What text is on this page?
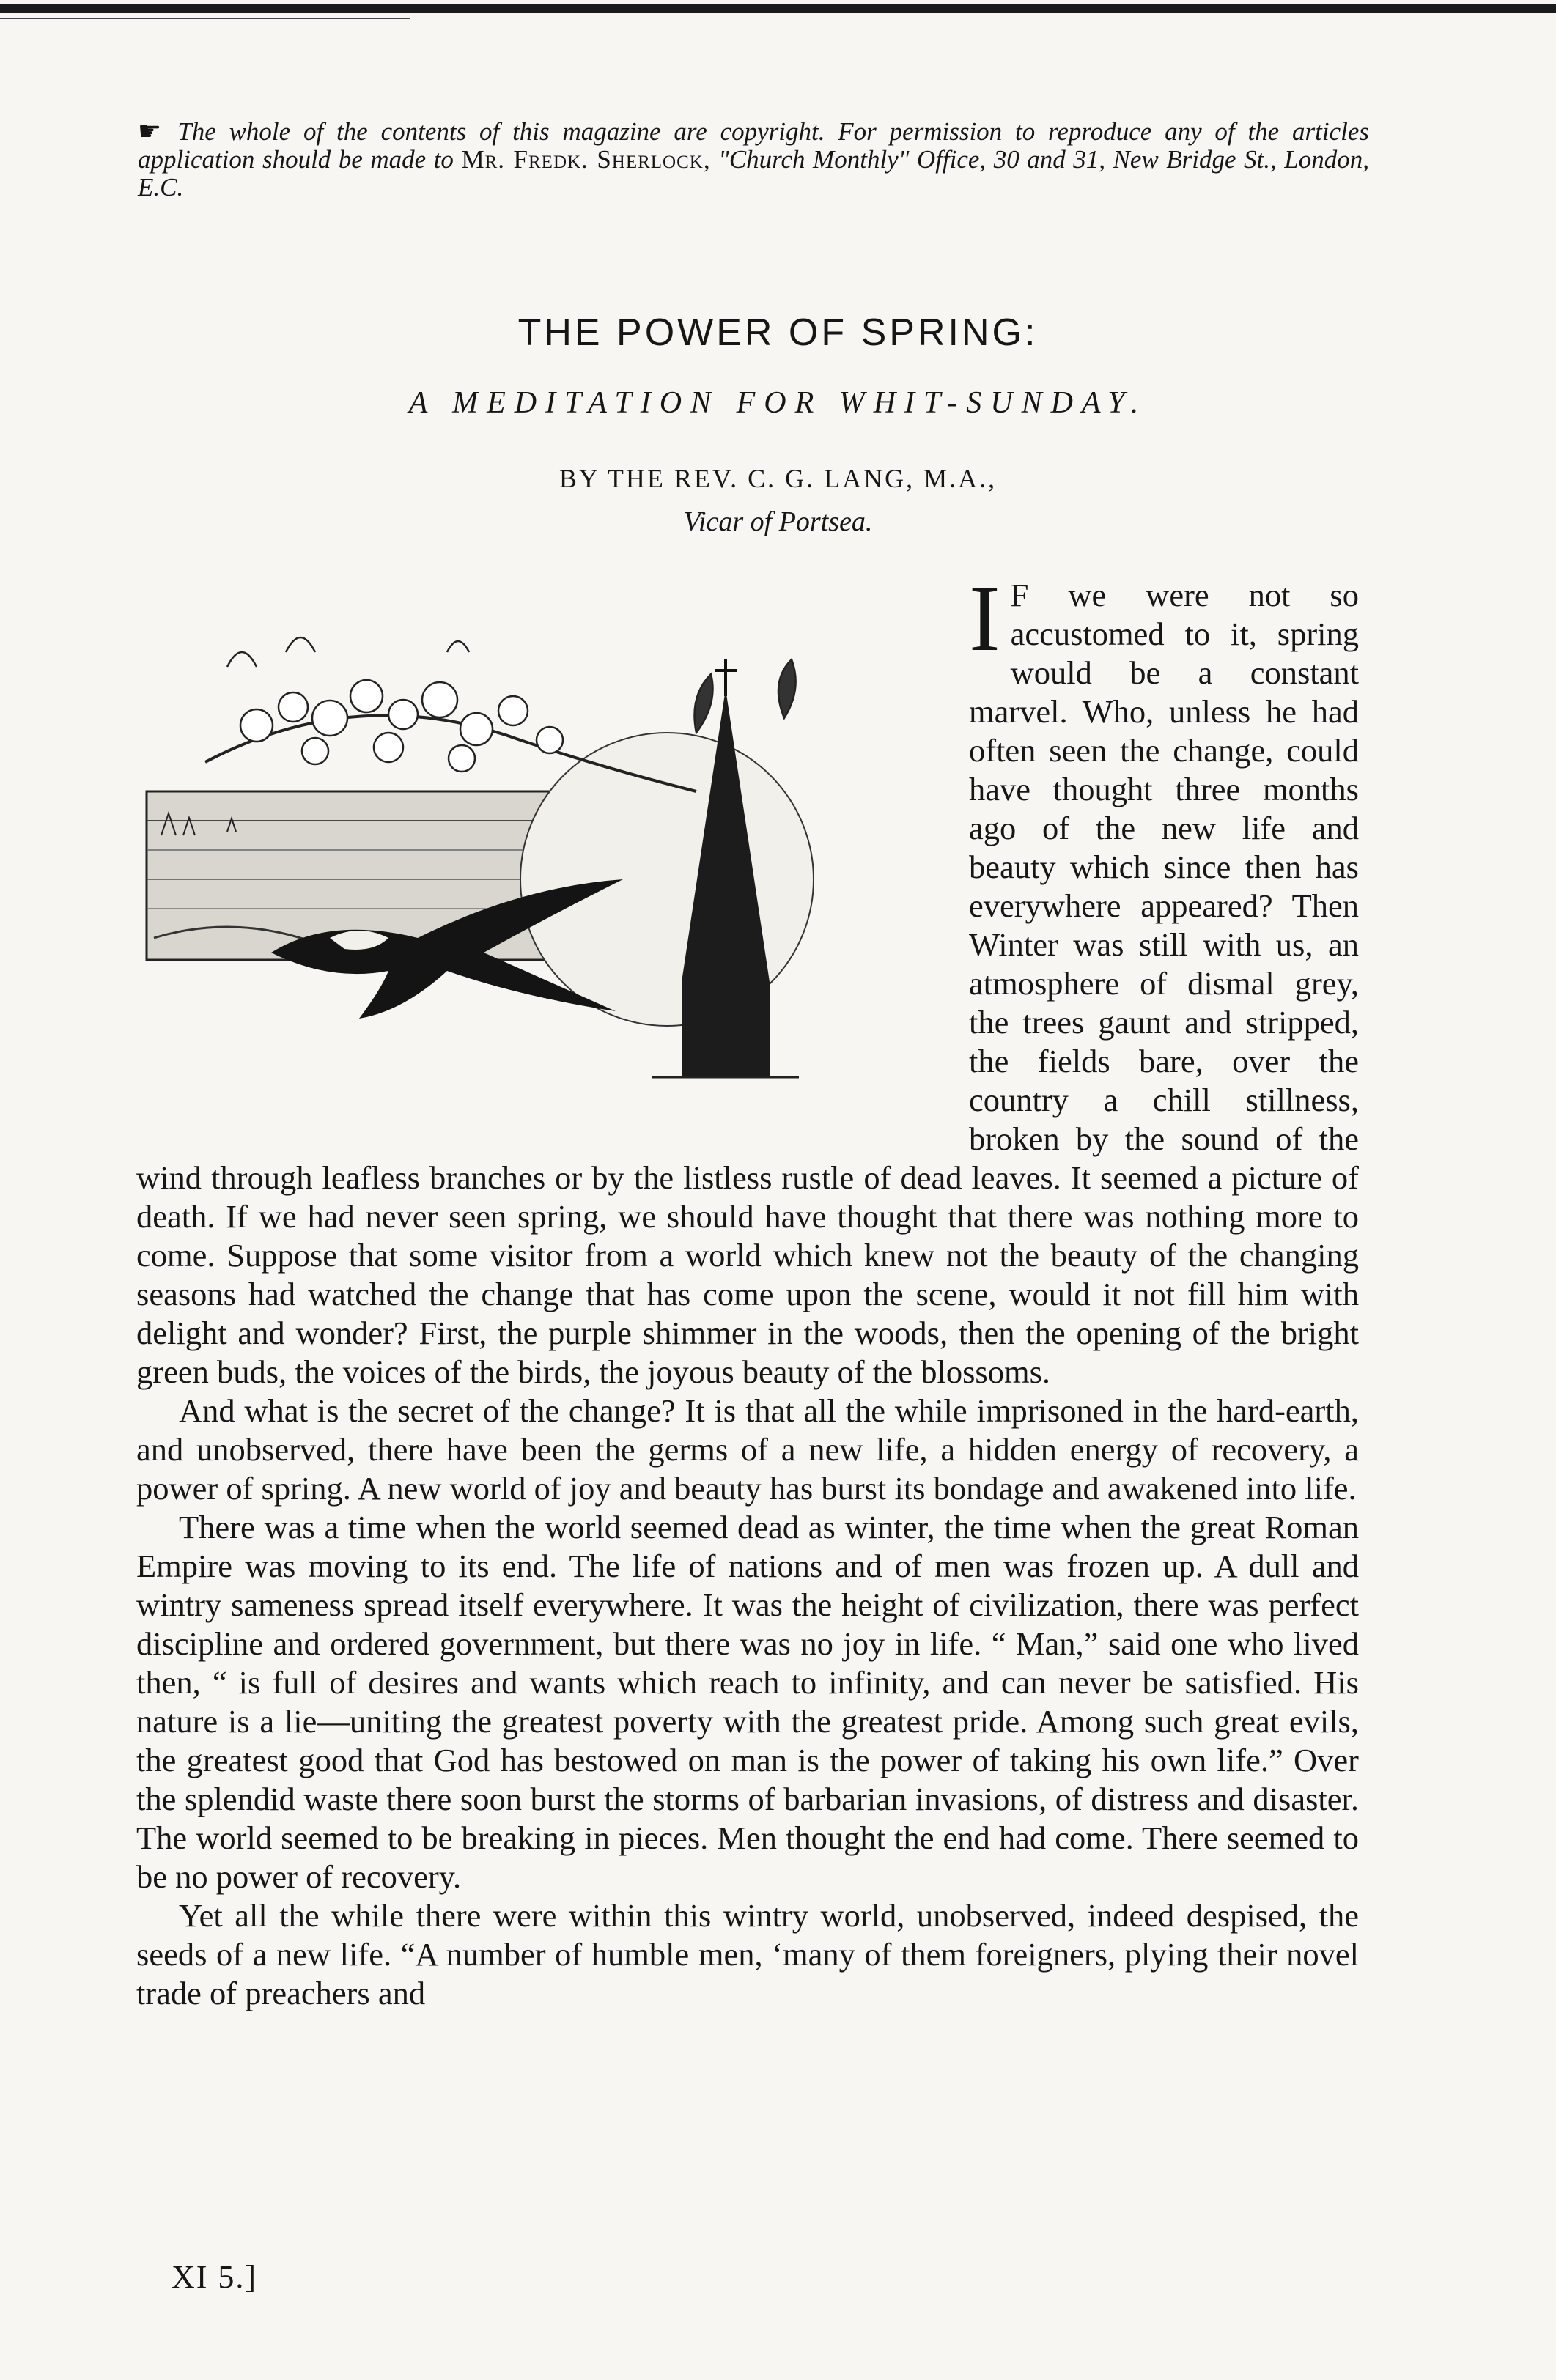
☛ The whole of the contents of this magazine are copyright. For permission to reproduce any of the articles application should be made to Mr. Fredk. Sherlock, "Church Monthly" Office, 30 and 31, New Bridge St., London, E.C.
THE POWER OF SPRING:
A MEDITATION FOR WHIT-SUNDAY.
BY THE REV. C. G. LANG, M.A.,
Vicar of Portsea.

I F we were not so accustomed to it, spring would be a constant marvel. Who, unless he had often seen the change, could have thought three months ago of the new life and beauty which since then has everywhere appeared? Then Winter was still with us, an atmosphere of dismal grey, the trees gaunt and stripped, the fields bare, over the country a chill stillness, broken by the sound of the wind through leafless branches or by the listless rustle of dead leaves. It seemed a picture of death. If we had never seen spring, we should have thought that there was nothing more to come. Suppose that some visitor from a world which knew not the beauty of the changing seasons had watched the change that has come upon the scene, would it not fill him with delight and wonder? First, the purple shimmer in the woods, then the opening of the bright green buds, the voices of the birds, the joyous beauty of the blossoms.

And what is the secret of the change? It is that all the while imprisoned in the hard-earth, and unobserved, there have been the germs of a new life, a hidden energy of recovery, a power of spring. A new world of joy and beauty has burst its bondage and awakened into life.

There was a time when the world seemed dead as winter, the time when the great Roman Empire was moving to its end. The life of nations and of men was frozen up. A dull and wintry sameness spread itself everywhere. It was the height of civilization, there was perfect discipline and ordered government, but there was no joy in life. “ Man,” said one who lived then, “ is full of desires and wants which reach to infinity, and can never be satisfied. His nature is a lie—uniting the greatest poverty with the greatest pride. Among such great evils, the greatest good that God has bestowed on man is the power of taking his own life.” Over the splendid waste there soon burst the storms of barbarian invasions, of distress and disaster. The world seemed to be breaking in pieces. Men thought the end had come. There seemed to be no power of recovery.

Yet all the while there were within this wintry world, unobserved, indeed despised, the seeds of a new life. “A number of humble men, ‘many of them foreigners, plying their novel trade of preachers and

XI 5.]
